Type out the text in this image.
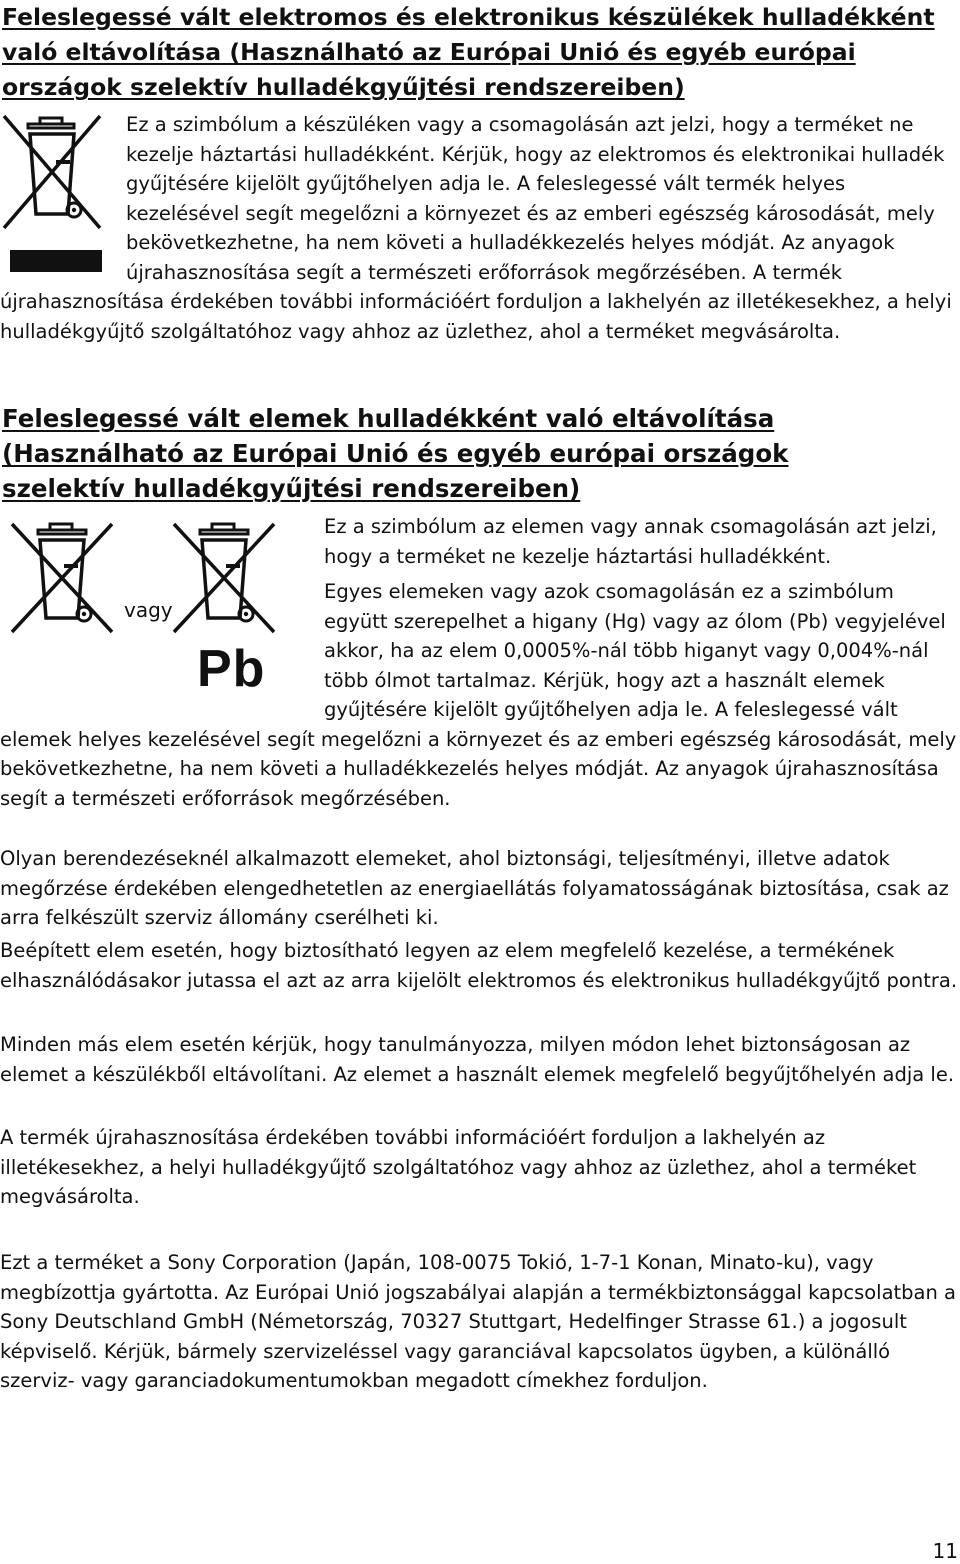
Feleslegessé vált elektromos és elektronikus készülékek hulladékként való eltávolítása (Használható az Európai Unió és egyéb európai országok szelektív hulladékgyűjtési rendszereiben)
Ez a szimbólum a készüléken vagy a csomagolásán azt jelzi, hogy a terméket ne kezelje háztartási hulladékként. Kérjük, hogy az elektromos és elektronikai hulladék gyűjtésére kijelölt gyűjtőhelyen adja le. A feleslegessé vált termék helyes kezelésével segít megelőzni a környezet és az emberi egészség károsodását, mely bekövetkezhetne, ha nem követi a hulladékkezelés helyes módját. Az anyagok újrahasznosítása segít a természeti erőforrások megőrzésében. A termék újrahasznosítása érdekében további információért forduljon a lakhelyén az illetékesekhez, a helyi hulladékgyűjtő szolgáltatóhoz vagy ahhoz az üzlethez, ahol a terméket megvásárolta.
Feleslegessé vált elemek hulladékként való eltávolítása (Használható az Európai Unió és egyéb európai országok szelektív hulladékgyűjtési rendszereiben)
vagy
Pb
Ez a szimbólum az elemen vagy annak csomagolásán azt jelzi, hogy a terméket ne kezelje háztartási hulladékként.
Egyes elemeken vagy azok csomagolásán ez a szimbólum együtt szerepelhet a higany (Hg) vagy az ólom (Pb) vegyjelével akkor, ha az elem 0,0005%-nál több higanyt vagy 0,004%-nál több ólmot tartalmaz. Kérjük, hogy azt a használt elemek gyűjtésére kijelölt gyűjtőhelyen adja le. A feleslegessé vált elemek helyes kezelésével segít megelőzni a környezet és az emberi egészség károsodását, mely bekövetkezhetne, ha nem követi a hulladékkezelés helyes módját. Az anyagok újrahasznosítása segít a természeti erőforrások megőrzésében.

Olyan berendezéseknél alkalmazott elemeket, ahol biztonsági, teljesítményi, illetve adatok megőrzése érdekében elengedhetetlen az energiaellátás folyamatosságának biztosítása, csak az arra felkészült szerviz állomány cserélheti ki.

Beépített elem esetén, hogy biztosítható legyen az elem megfelelő kezelése, a termékének elhasználódásakor jutassa el azt az arra kijelölt elektromos és elektronikus hulladékgyűjtő pontra.

Minden más elem esetén kérjük, hogy tanulmányozza, milyen módon lehet biztonságosan az elemet a készülékből eltávolítani. Az elemet a használt elemek megfelelő begyűjtőhelyén adja le.

A termék újrahasznosítása érdekében további információért forduljon a lakhelyén az illetékesekhez, a helyi hulladékgyűjtő szolgáltatóhoz vagy ahhoz az üzlethez, ahol a terméket megvásárolta.

Ezt a terméket a Sony Corporation (Japán, 108-0075 Tokió, 1-7-1 Konan, Minato-ku), vagy megbízottja gyártotta. Az Európai Unió jogszabályai alapján a termékbiztonsággal kapcsolatban a Sony Deutschland GmbH (Németország, 70327 Stuttgart, Hedelfinger Strasse 61.) a jogosult képviselő. Kérjük, bármely szervizeléssel vagy garanciával kapcsolatos ügyben, a különálló szerviz- vagy garanciadokumentumokban megadott címekhez forduljon.

11
